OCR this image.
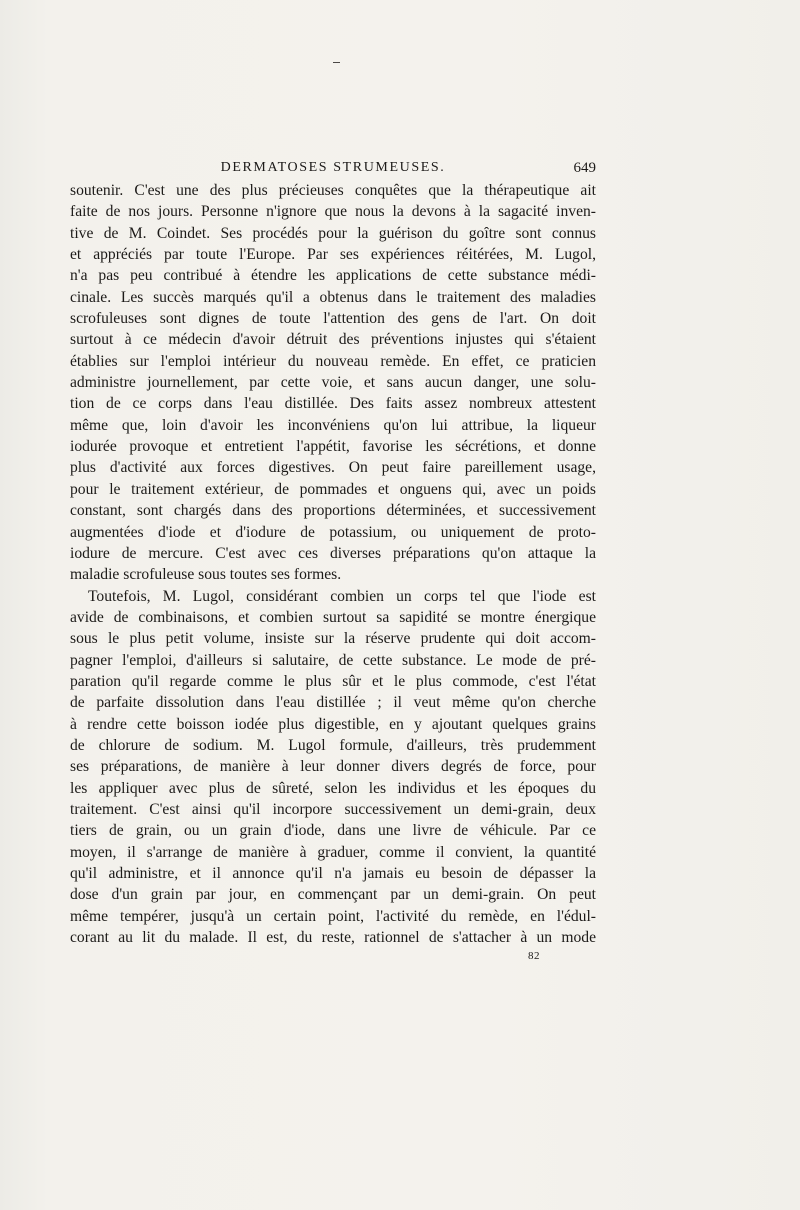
DERMATOSES STRUMEUSES.	649
soutenir. C'est une des plus précieuses conquêtes que la thérapeutique ait
faite de nos jours. Personne n'ignore que nous la devons à la sagacité inven-
tive de M. Coindet. Ses procédés pour la guérison du goître sont connus
et appréciés par toute l'Europe. Par ses expériences réitérées, M. Lugol,
n'a pas peu contribué à étendre les applications de cette substance médi-
cinale. Les succès marqués qu'il a obtenus dans le traitement des maladies
scrofuleuses sont dignes de toute l'attention des gens de l'art. On doit
surtout à ce médecin d'avoir détruit des préventions injustes qui s'étaient
établies sur l'emploi intérieur du nouveau remède. En effet, ce praticien
administre journellement, par cette voie, et sans aucun danger, une solu-
tion de ce corps dans l'eau distillée. Des faits assez nombreux attestent
même que, loin d'avoir les inconvéniens qu'on lui attribue, la liqueur
iodurée provoque et entretient l'appétit, favorise les sécrétions, et donne
plus d'activité aux forces digestives. On peut faire pareillement usage,
pour le traitement extérieur, de pommades et onguens qui, avec un poids
constant, sont chargés dans des proportions déterminées, et successivement
augmentées d'iode et d'iodure de potassium, ou uniquement de proto-
iodure de mercure. C'est avec ces diverses préparations qu'on attaque la
maladie scrofuleuse sous toutes ses formes.
Toutefois, M. Lugol, considérant combien un corps tel que l'iode est
avide de combinaisons, et combien surtout sa sapidité se montre énergique
sous le plus petit volume, insiste sur la réserve prudente qui doit accom-
pagner l'emploi, d'ailleurs si salutaire, de cette substance. Le mode de pré-
paration qu'il regarde comme le plus sûr et le plus commode, c'est l'état
de parfaite dissolution dans l'eau distillée ; il veut même qu'on cherche
à rendre cette boisson iodée plus digestible, en y ajoutant quelques grains
de chlorure de sodium. M. Lugol formule, d'ailleurs, très prudemment
ses préparations, de manière à leur donner divers degrés de force, pour
les appliquer avec plus de sûreté, selon les individus et les époques du
traitement. C'est ainsi qu'il incorpore successivement un demi-grain, deux
tiers de grain, ou un grain d'iode, dans une livre de véhicule. Par ce
moyen, il s'arrange de manière à graduer, comme il convient, la quantité
qu'il administre, et il annonce qu'il n'a jamais eu besoin de dépasser la
dose d'un grain par jour, en commençant par un demi-grain. On peut
même tempérer, jusqu'à un certain point, l'activité du remède, en l'édul-
corant au lit du malade. Il est, du reste, rationnel de s'attacher à un mode
82
